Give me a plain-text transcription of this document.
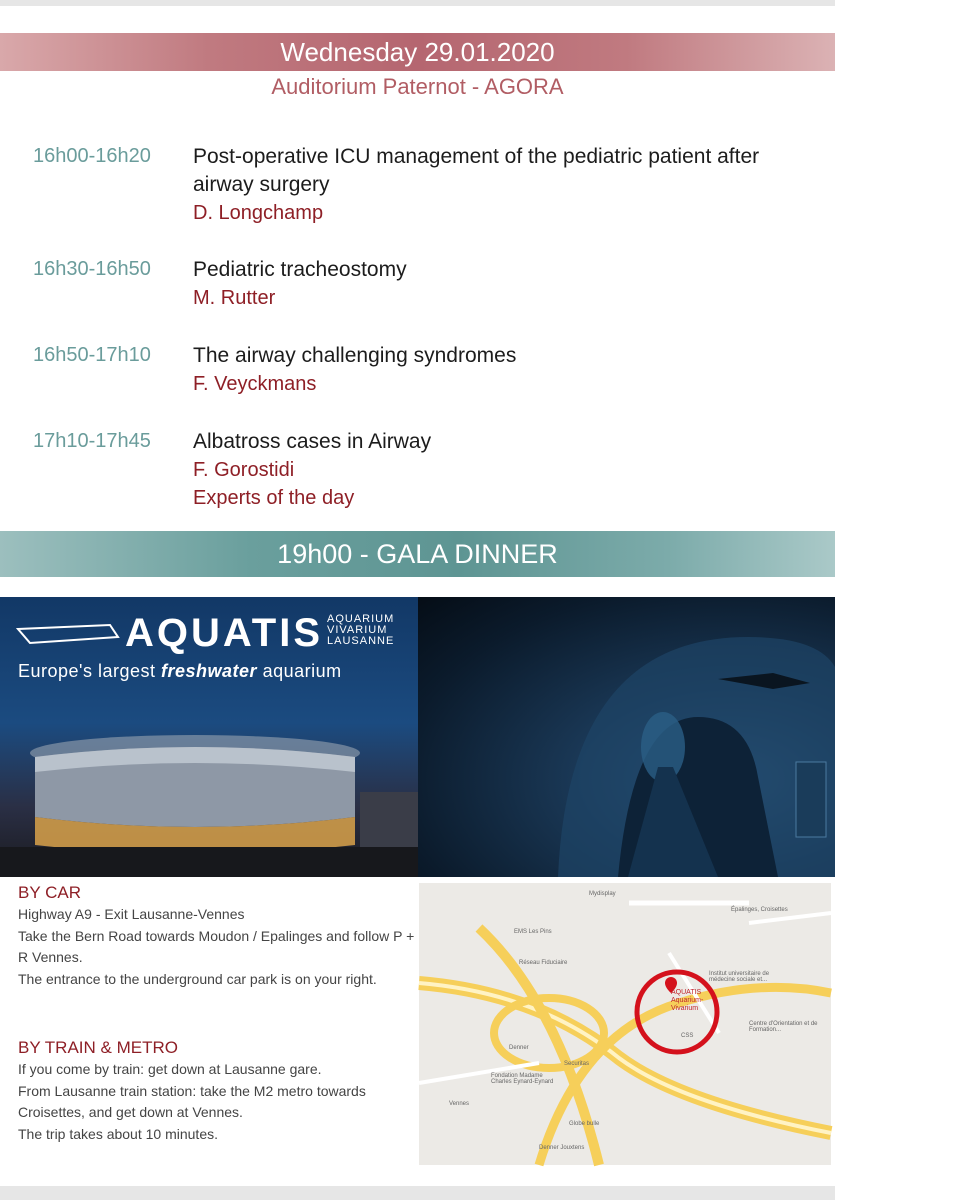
Wednesday 29.01.2020
Auditorium Paternot - AGORA
16h00-16h20 Post-operative ICU management of the pediatric patient after airway surgery
D. Longchamp
16h30-16h50 Pediatric tracheostomy
M. Rutter
16h50-17h10 The airway challenging syndromes
F. Veyckmans
17h10-17h45 Albatross cases in Airway
F. Gorostidi
Experts of the day
19h00 - GALA DINNER
AQUATIS AQUARIUM
VIVARIUM
LAUSANNE
Europe's largest freshwater aquarium
AQUATIS Aquarium-Vivarium
Route de Berne 144
1010 Lausanne
Vaud - Suisse
+41 (0)21 654 23 23
info@aquatis.ch
BY CAR

Highway A9 - Exit Lausanne-Vennes

Take the Bern Road towards Moudon / Epalinges and follow P + R Vennes.

The entrance to the underground car park is on your right.

BY TRAIN & METRO

If you come by train: get down at Lausanne gare.

From Lausanne train station: take the M2 metro towards Croisettes, and get down at Vennes.

The trip takes about 10 minutes.

AQUATIS Aquarium-Vivarium
Mydisplay
EMS Les Pins
Réseau Fiduciaire
Institut universitaire de médecine sociale et...
Centre d'Orientation et de Formation...
Fondation Madame Charles Eynard-Eynard
Épalinges, Croisettes
Vennes
Securitas
Globe bulle
Denner
CSS
Denner Jouxtens
